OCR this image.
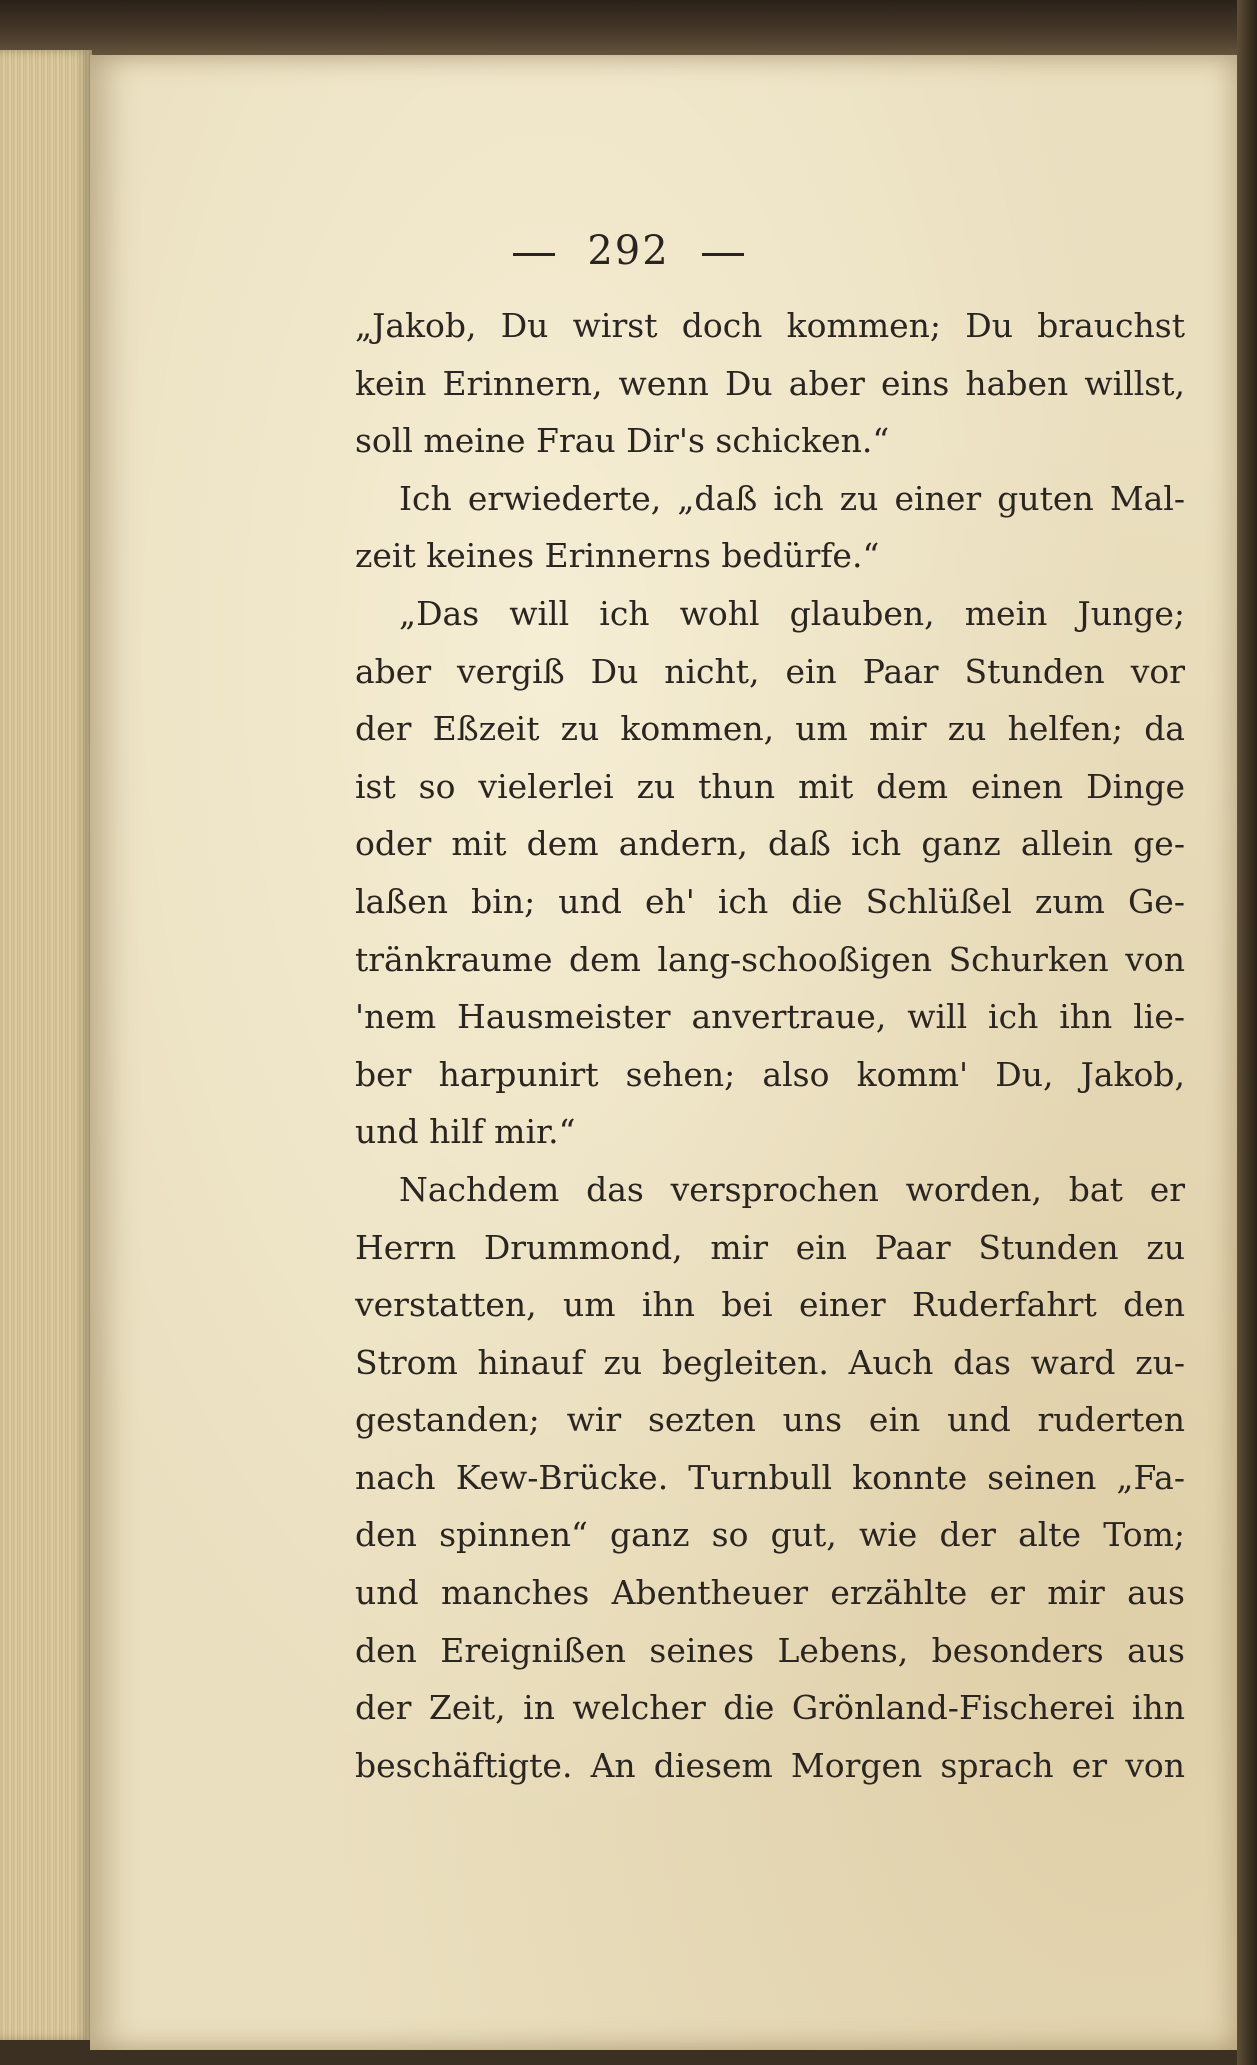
292
„Jakob, Du wirst doch kommen; Du brauchst
kein Erinnern, wenn Du aber eins haben willst,
soll meine Frau Dir's schicken.“
Ich erwiederte, „daß ich zu einer guten Mal-
zeit keines Erinnerns bedürfe.“
„Das will ich wohl glauben, mein Junge;
aber vergiß Du nicht, ein Paar Stunden vor
der Eßzeit zu kommen, um mir zu helfen; da
ist so vielerlei zu thun mit dem einen Dinge
oder mit dem andern, daß ich ganz allein ge-
laßen bin; und eh' ich die Schlüßel zum Ge-
tränkraume dem lang-schooßigen Schurken von
'nem Hausmeister anvertraue, will ich ihn lie-
ber harpunirt sehen; also komm' Du, Jakob,
und hilf mir.“
Nachdem das versprochen worden, bat er
Herrn Drummond, mir ein Paar Stunden zu
verstatten, um ihn bei einer Ruderfahrt den
Strom hinauf zu begleiten. Auch das ward zu-
gestanden; wir sezten uns ein und ruderten
nach Kew-Brücke. Turnbull konnte seinen „Fa-
den spinnen“ ganz so gut, wie der alte Tom;
und manches Abentheuer erzählte er mir aus
den Ereignißen seines Lebens, besonders aus
der Zeit, in welcher die Grönland-Fischerei ihn
beschäftigte. An diesem Morgen sprach er von
